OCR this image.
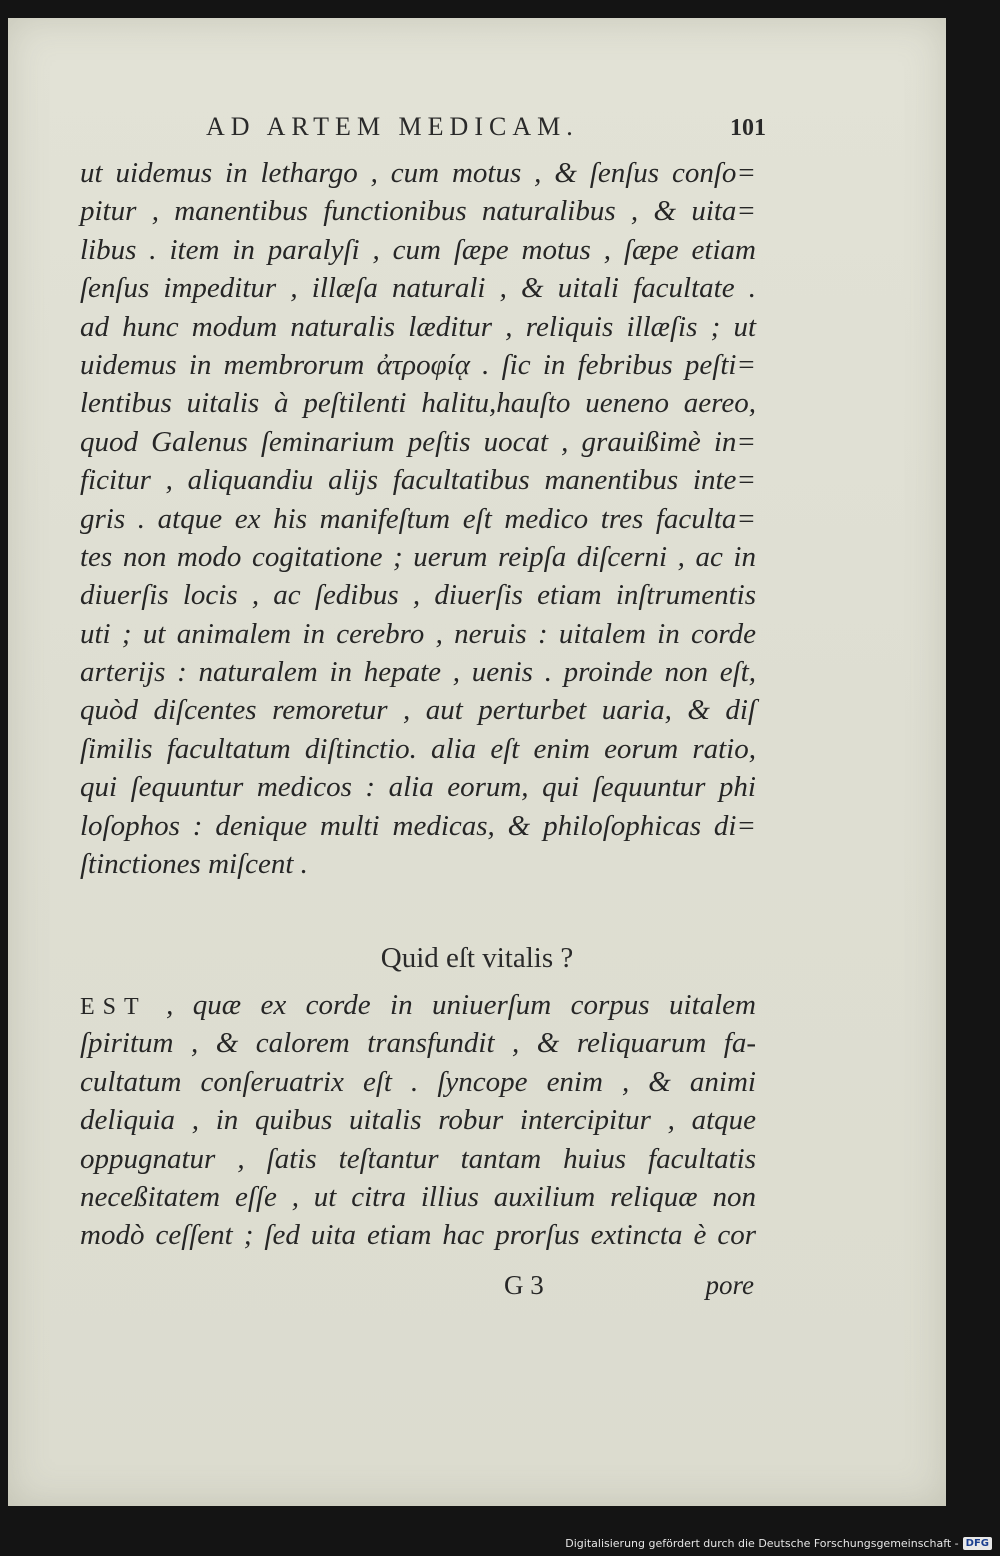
AD ARTEM MEDICAM.	101
ut uidemus in lethargo , cum motus , & ſenſus conſo=
pitur , manentibus functionibus naturalibus , & uita=
libus . item in paralyſi , cum ſæpe motus , ſæpe etiam
ſenſus impeditur , illæſa naturali , & uitali facultate .
ad hunc modum naturalis læditur , reliquis illæſis ; ut
uidemus in membrorum ἀτροφίᾳ . ſic in febribus peſti=
lentibus uitalis à peſtilenti halitu,hauſto ueneno aereo,
quod Galenus ſeminarium peſtis uocat , grauißimè in=
ficitur , aliquandiu alijs facultatibus manentibus inte=
gris . atque ex his manifeſtum eſt medico tres faculta=
tes non modo cogitatione ; uerum reipſa diſcerni , ac in
diuerſis locis , ac ſedibus , diuerſis etiam inſtrumentis
uti ; ut animalem in cerebro , neruis : uitalem in corde
arterijs : naturalem in hepate , uenis . proinde non eſt,
quòd diſcentes remoretur , aut perturbet uaria, & diſ
ſimilis facultatum diſtinctio. alia eſt enim eorum ratio,
qui ſequuntur medicos : alia eorum, qui ſequuntur phi
loſophos : denique multi medicas, & philoſophicas di=
ſtinctiones miſcent .
Quid eſt vitalis ?
EST , quæ ex corde in uniuerſum corpus uitalem
ſpiritum , & calorem transfundit , & reliquarum fa-
cultatum conſeruatrix eſt . ſyncope enim , & animi
deliquia , in quibus uitalis robur intercipitur , atque
oppugnatur , ſatis teſtantur tantam huius facultatis
neceßitatem eſſe , ut citra illius auxilium reliquæ non
modò ceſſent ; ſed uita etiam hac prorſus extincta è cor
G 3	pore
Digitalisierung gefördert durch die Deutsche Forschungsgemeinschaft - DFG
